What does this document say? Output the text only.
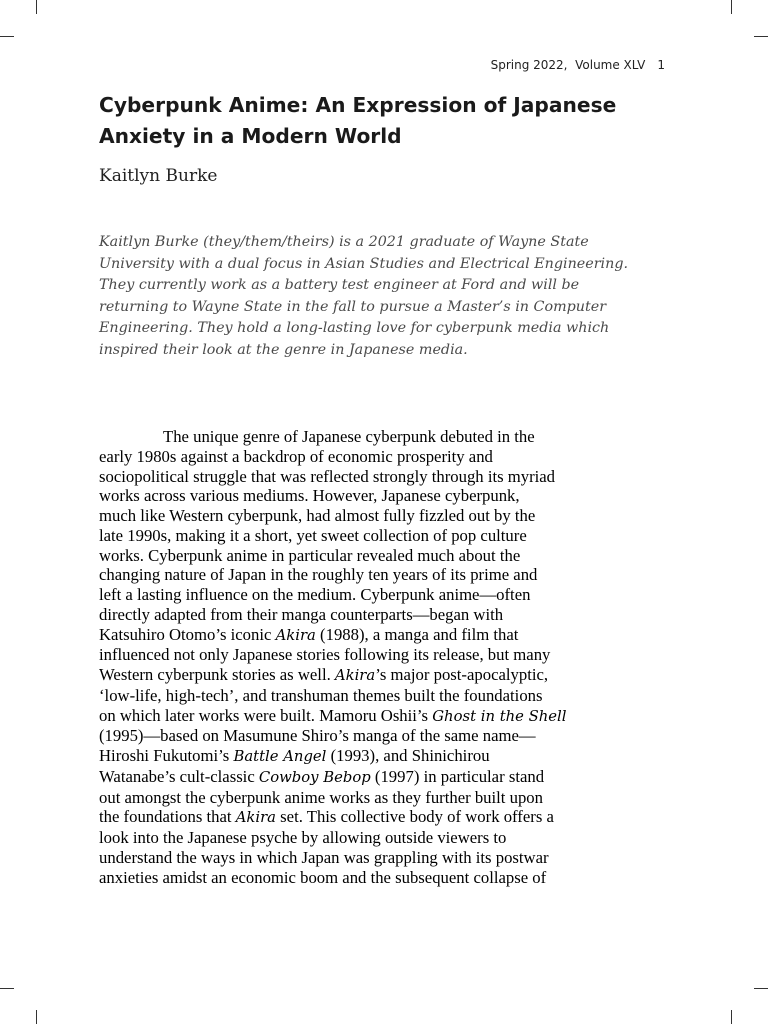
Spring 2022,  Volume XLV 1
Cyberpunk Anime: An Expression of Japanese Anxiety in a Modern World
Kaitlyn Burke

Kaitlyn Burke (they/them/theirs) is a 2021 graduate of Wayne State University with a dual focus in Asian Studies and Electrical Engineering. They currently work as a battery test engineer at Ford and will be returning to Wayne State in the fall to pursue a Master’s in Computer Engineering. They hold a long-lasting love for cyberpunk media which inspired their look at the genre in Japanese media.

The unique genre of Japanese cyberpunk debuted in the
early 1980s against a backdrop of economic prosperity and
sociopolitical struggle that was reflected strongly through its myriad
works across various mediums. However, Japanese cyberpunk,
much like Western cyberpunk, had almost fully fizzled out by the
late 1990s, making it a short, yet sweet collection of pop culture
works. Cyberpunk anime in particular revealed much about the
changing nature of Japan in the roughly ten years of its prime and
left a lasting influence on the medium. Cyberpunk anime—often
directly adapted from their manga counterparts—began with
Katsuhiro Otomo’s iconic Akira (1988), a manga and film that
influenced not only Japanese stories following its release, but many
Western cyberpunk stories as well. Akira’s major post-apocalyptic,
‘low-life, high-tech’, and transhuman themes built the foundations
on which later works were built. Mamoru Oshii’s Ghost in the Shell
(1995)—based on Masumune Shiro’s manga of the same name—
Hiroshi Fukutomi’s Battle Angel (1993), and Shinichirou
Watanabe’s cult-classic Cowboy Bebop (1997) in particular stand
out amongst the cyberpunk anime works as they further built upon
the foundations that Akira set. This collective body of work offers a
look into the Japanese psyche by allowing outside viewers to
understand the ways in which Japan was grappling with its postwar
anxieties amidst an economic boom and the subsequent collapse of
